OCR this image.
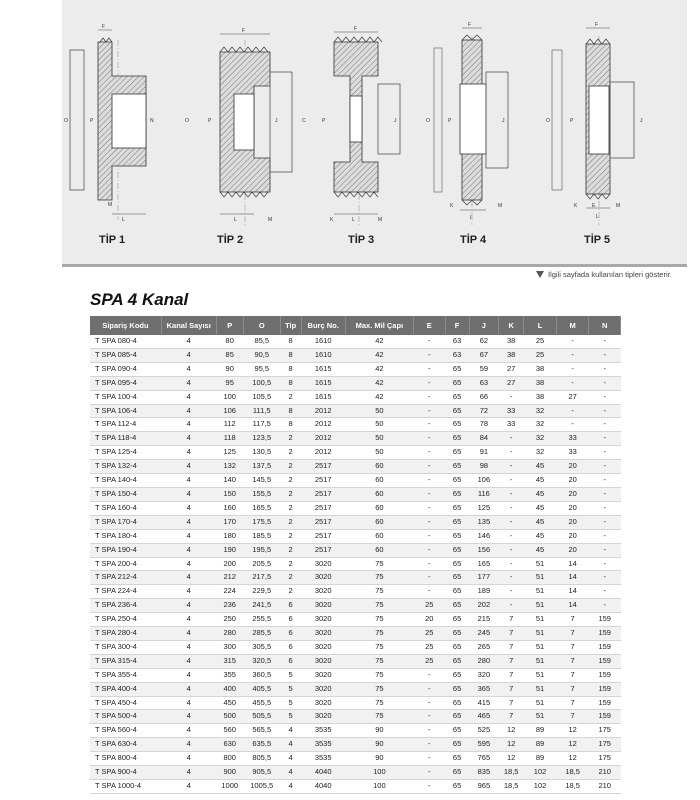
F
O	P	N
L
M
F
O	P	J
L	M
F
C	P	J
K	L	M
F
O	P	J
K
L
M
F
O	P	J
K	E	M
L
TİP 1	TİP 2	TİP 3	TİP 4	TİP 5
İlgili sayfada kullanılan tipleri gösterir.
SPA 4 Kanal
Sipariş Kodu	Kanal Sayısı	P	O	Tip	Burç No.	Max. Mil Çapı	E	F	J	K	L	M	N
T SPA 080-4	4	80	85,5	8	1610	42	-	63	62	38	25	-	-
T SPA 085-4	4	85	90,5	8	1610	42	-	63	67	38	25	-	-
T SPA 090-4	4	90	95,5	8	1615	42	-	65	59	27	38	-	-
T SPA 095-4	4	95	100,5	8	1615	42	-	65	63	27	38	-	-
T SPA 100-4	4	100	105,5	2	1615	42	-	65	66	-	38	27	-
T SPA 106-4	4	106	111,5	8	2012	50	-	65	72	33	32	-	-
T SPA 112-4	4	112	117,5	8	2012	50	-	65	78	33	32	-	-
T SPA 118-4	4	118	123,5	2	2012	50	-	65	84	-	32	33	-
T SPA 125-4	4	125	130,5	2	2012	50	-	65	91	-	32	33	-
T SPA 132-4	4	132	137,5	2	2517	60	-	65	98	-	45	20	-
T SPA 140-4	4	140	145,5	2	2517	60	-	65	106	-	45	20	-
T SPA 150-4	4	150	155,5	2	2517	60	-	65	116	-	45	20	-
T SPA 160-4	4	160	165,5	2	2517	60	-	65	125	-	45	20	-
T SPA 170-4	4	170	175,5	2	2517	60	-	65	135	-	45	20	-
T SPA 180-4	4	180	185,5	2	2517	60	-	65	146	-	45	20	-
T SPA 190-4	4	190	195,5	2	2517	60	-	65	156	-	45	20	-
T SPA 200-4	4	200	205,5	2	3020	75	-	65	165	-	51	14	-
T SPA 212-4	4	212	217,5	2	3020	75	-	65	177	-	51	14	-
T SPA 224-4	4	224	229,5	2	3020	75	-	65	189	-	51	14	-
T SPA 236-4	4	236	241,5	6	3020	75	25	65	202	-	51	14	-
T SPA 250-4	4	250	255,5	6	3020	75	20	65	215	7	51	7	159
T SPA 280-4	4	280	285,5	6	3020	75	25	65	245	7	51	7	159
T SPA 300-4	4	300	305,5	6	3020	75	25	65	265	7	51	7	159
T SPA 315-4	4	315	320,5	6	3020	75	25	65	280	7	51	7	159
T SPA 355-4	4	355	360,5	5	3020	75	-	65	320	7	51	7	159
T SPA 400-4	4	400	405,5	5	3020	75	-	65	365	7	51	7	159
T SPA 450-4	4	450	455,5	5	3020	75	-	65	415	7	51	7	159
T SPA 500-4	4	500	505,5	5	3020	75	-	65	465	7	51	7	159
T SPA 560-4	4	560	565,5	4	3535	90	-	65	525	12	89	12	175
T SPA 630-4	4	630	635,5	4	3535	90	-	65	595	12	89	12	175
T SPA 800-4	4	800	805,5	4	3535	90	-	65	765	12	89	12	175
T SPA 900-4	4	900	905,5	4	4040	100	-	65	835	18,5	102	18,5	210
T SPA 1000-4	4	1000	1005,5	4	4040	100	-	65	965	18,5	102	18,5	210
